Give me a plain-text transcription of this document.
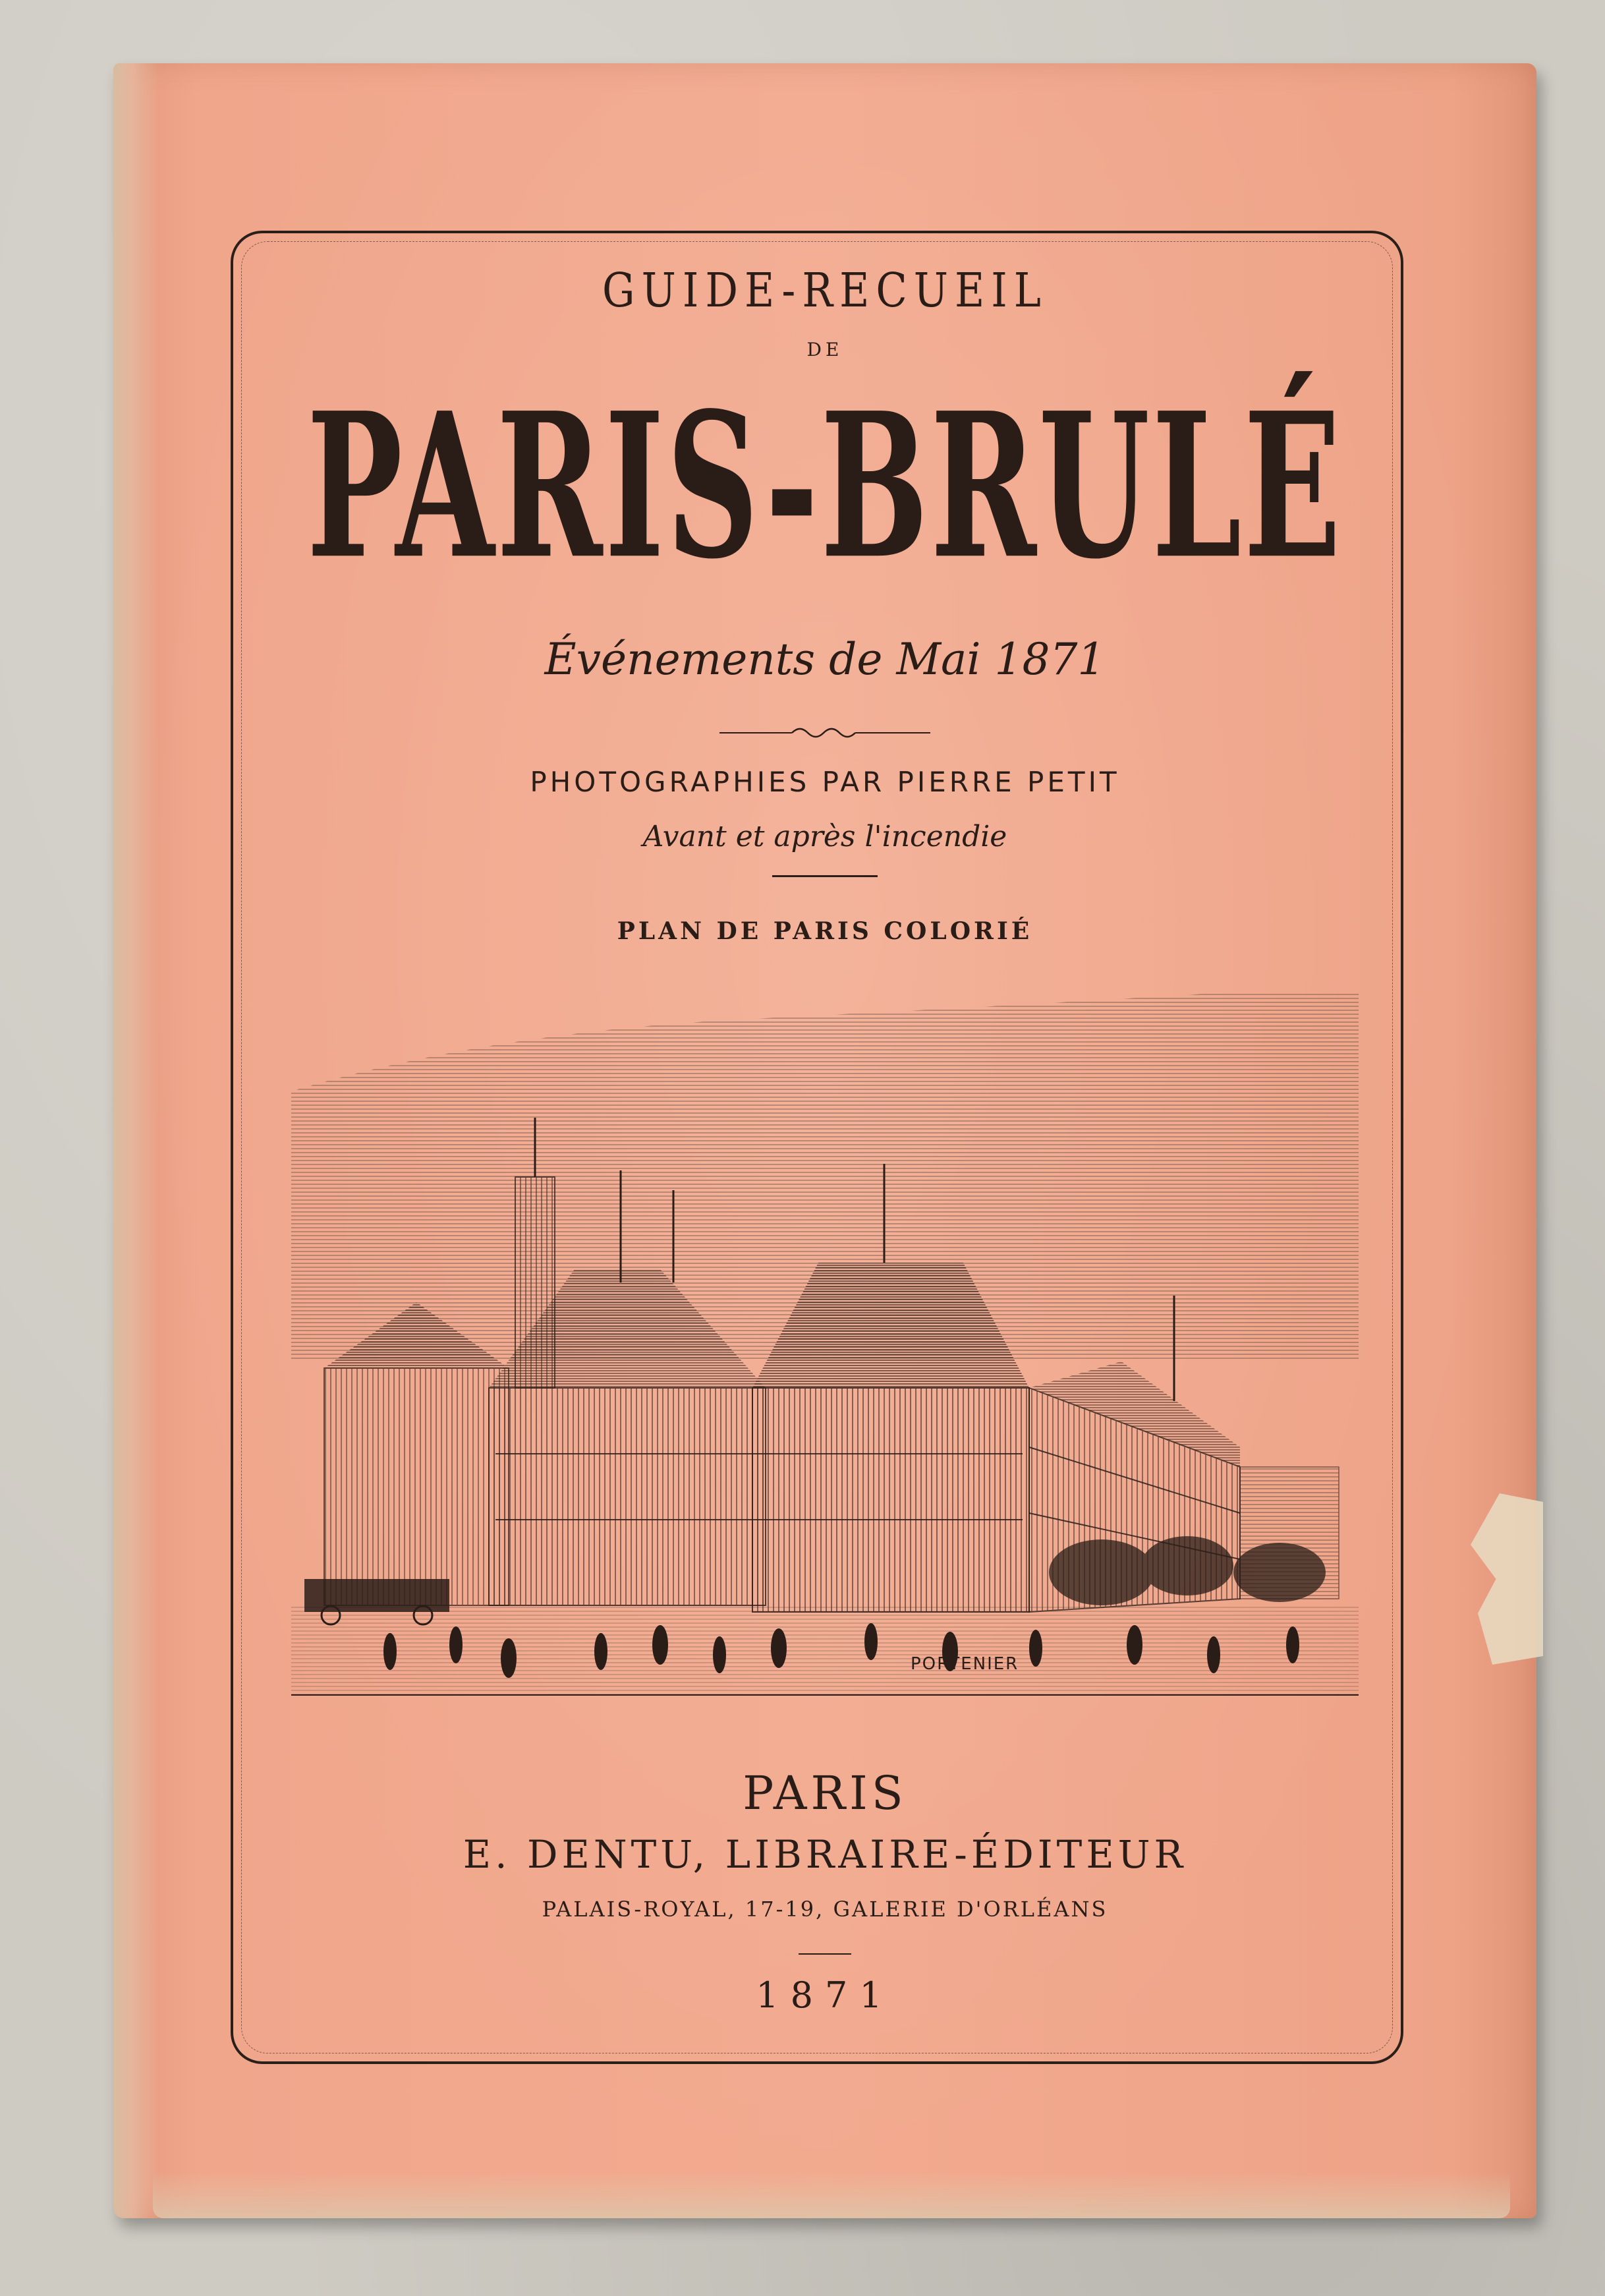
GUIDE-RECUEIL
DE
PARIS-BRULÉ
Événements de Mai 1871
PHOTOGRAPHIES PAR PIERRE PETIT
Avant et après l'incendie
PLAN DE PARIS COLORIÉ
PORTENIER
PARIS
E. DENTU, LIBRAIRE-ÉDITEUR
PALAIS-ROYAL, 17-19, GALERIE D'ORLÉANS
1871
